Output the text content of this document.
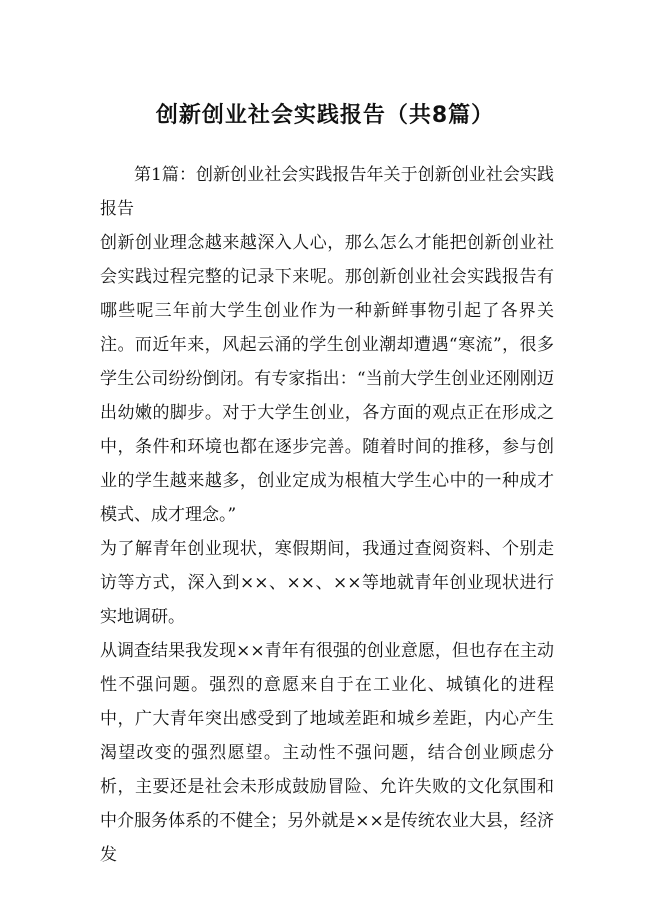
创新创业社会实践报告（共8篇）

第1篇：创新创业社会实践报告年关于创新创业社会实践报告

创新创业理念越来越深入人心，那么怎么才能把创新创业社会实践过程完整的记录下来呢。那创新创业社会实践报告有哪些呢三年前大学生创业作为一种新鲜事物引起了各界关注。而近年来，风起云涌的学生创业潮却遭遇“寒流”，很多学生公司纷纷倒闭。有专家指出：“当前大学生创业还刚刚迈出幼嫩的脚步。对于大学生创业，各方面的观点正在形成之中，条件和环境也都在逐步完善。随着时间的推移，参与创业的学生越来越多，创业定成为根植大学生心中的一种成才模式、成才理念。”

为了解青年创业现状，寒假期间，我通过查阅资料、个别走访等方式，深入到××、××、××等地就青年创业现状进行实地调研。

从调查结果我发现××青年有很强的创业意愿，但也存在主动性不强问题。强烈的意愿来自于在工业化、城镇化的进程中，广大青年突出感受到了地域差距和城乡差距，内心产生渴望改变的强烈愿望。主动性不强问题，结合创业顾虑分析，主要还是社会未形成鼓励冒险、允许失败的文化氛围和中介服务体系的不健全；另外就是××是传统农业大县，经济发
